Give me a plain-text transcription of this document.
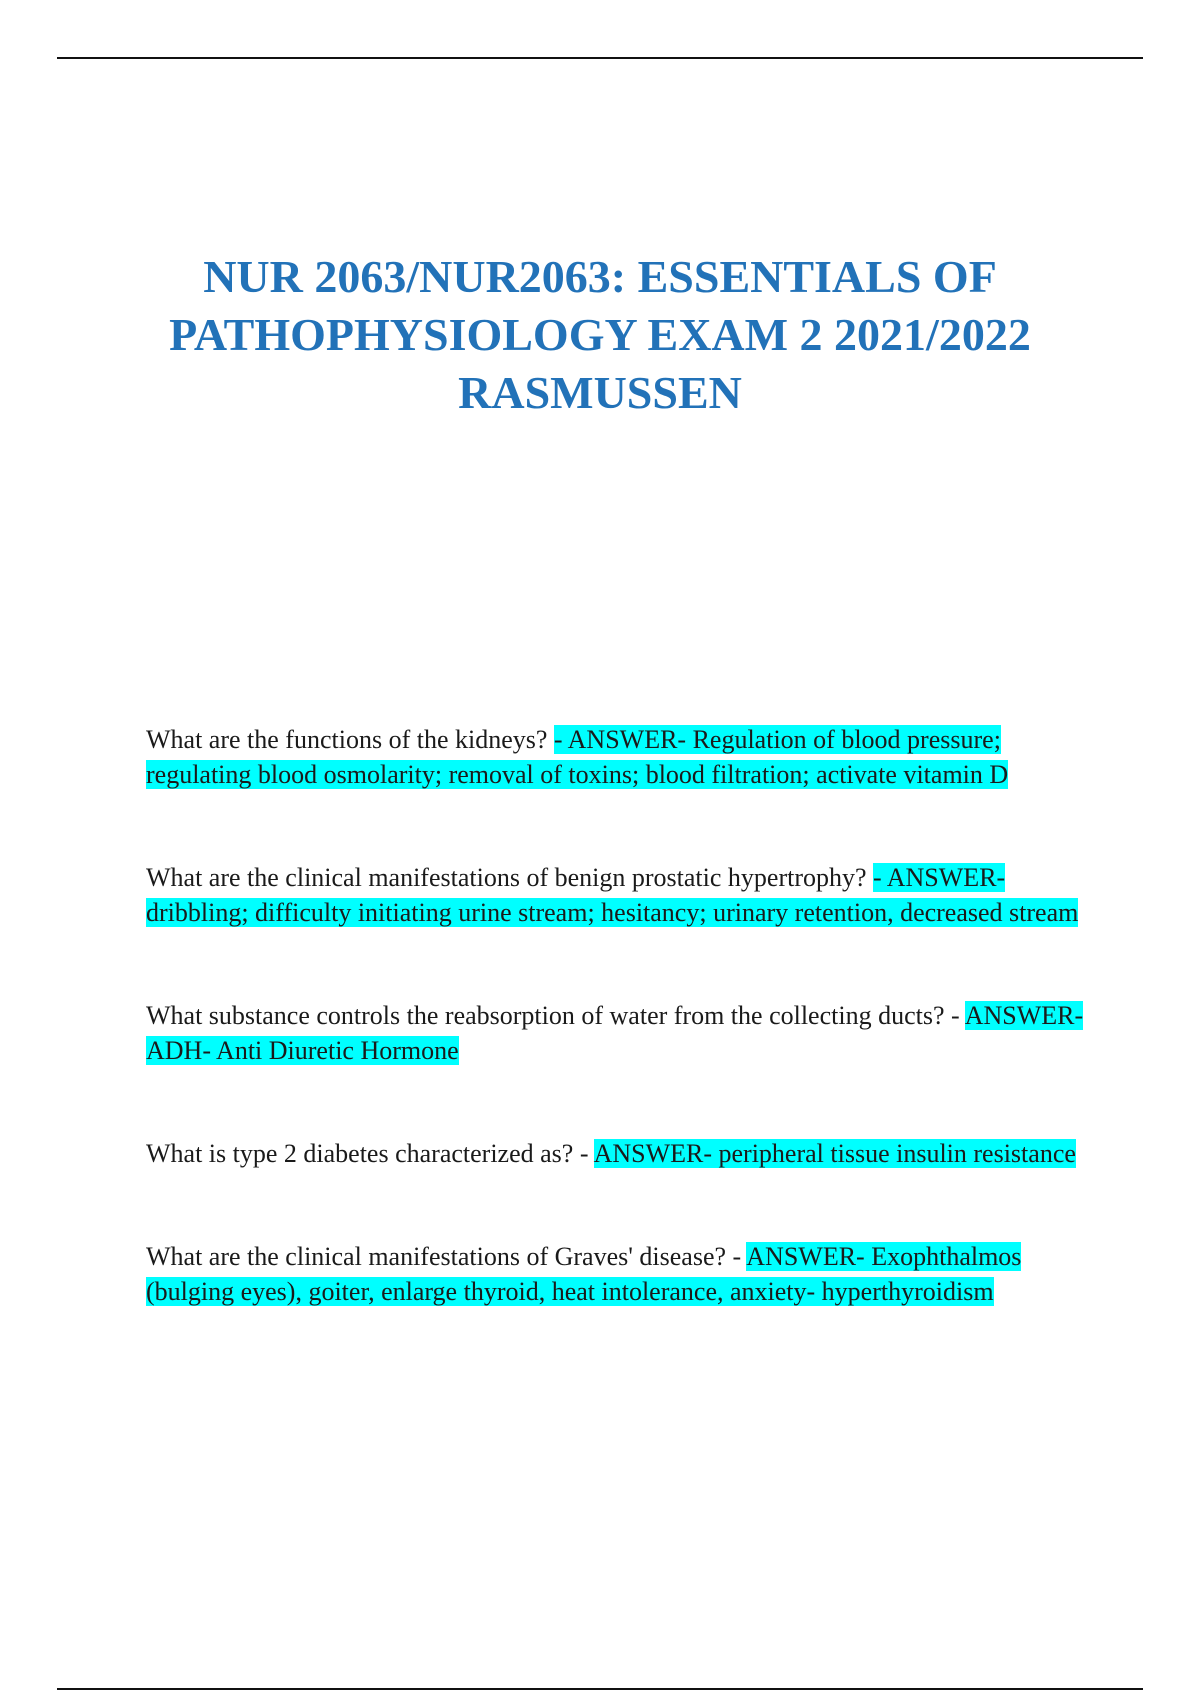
NUR 2063/NUR2063: ESSENTIALS OF
PATHOPHYSIOLOGY EXAM 2 2021/2022
RASMUSSEN

What are the functions of the kidneys? - ANSWER- Regulation of blood pressure; regulating blood osmolarity; removal of toxins; blood filtration; activate vitamin D

What are the clinical manifestations of benign prostatic hypertrophy? - ANSWER- dribbling; difficulty initiating urine stream; hesitancy; urinary retention, decreased stream

What substance controls the reabsorption of water from the collecting ducts? - ANSWER- ADH- Anti Diuretic Hormone

What is type 2 diabetes characterized as? - ANSWER- peripheral tissue insulin resistance

What are the clinical manifestations of Graves' disease? - ANSWER- Exophthalmos (bulging eyes), goiter, enlarge thyroid, heat intolerance, anxiety- hyperthyroidism
